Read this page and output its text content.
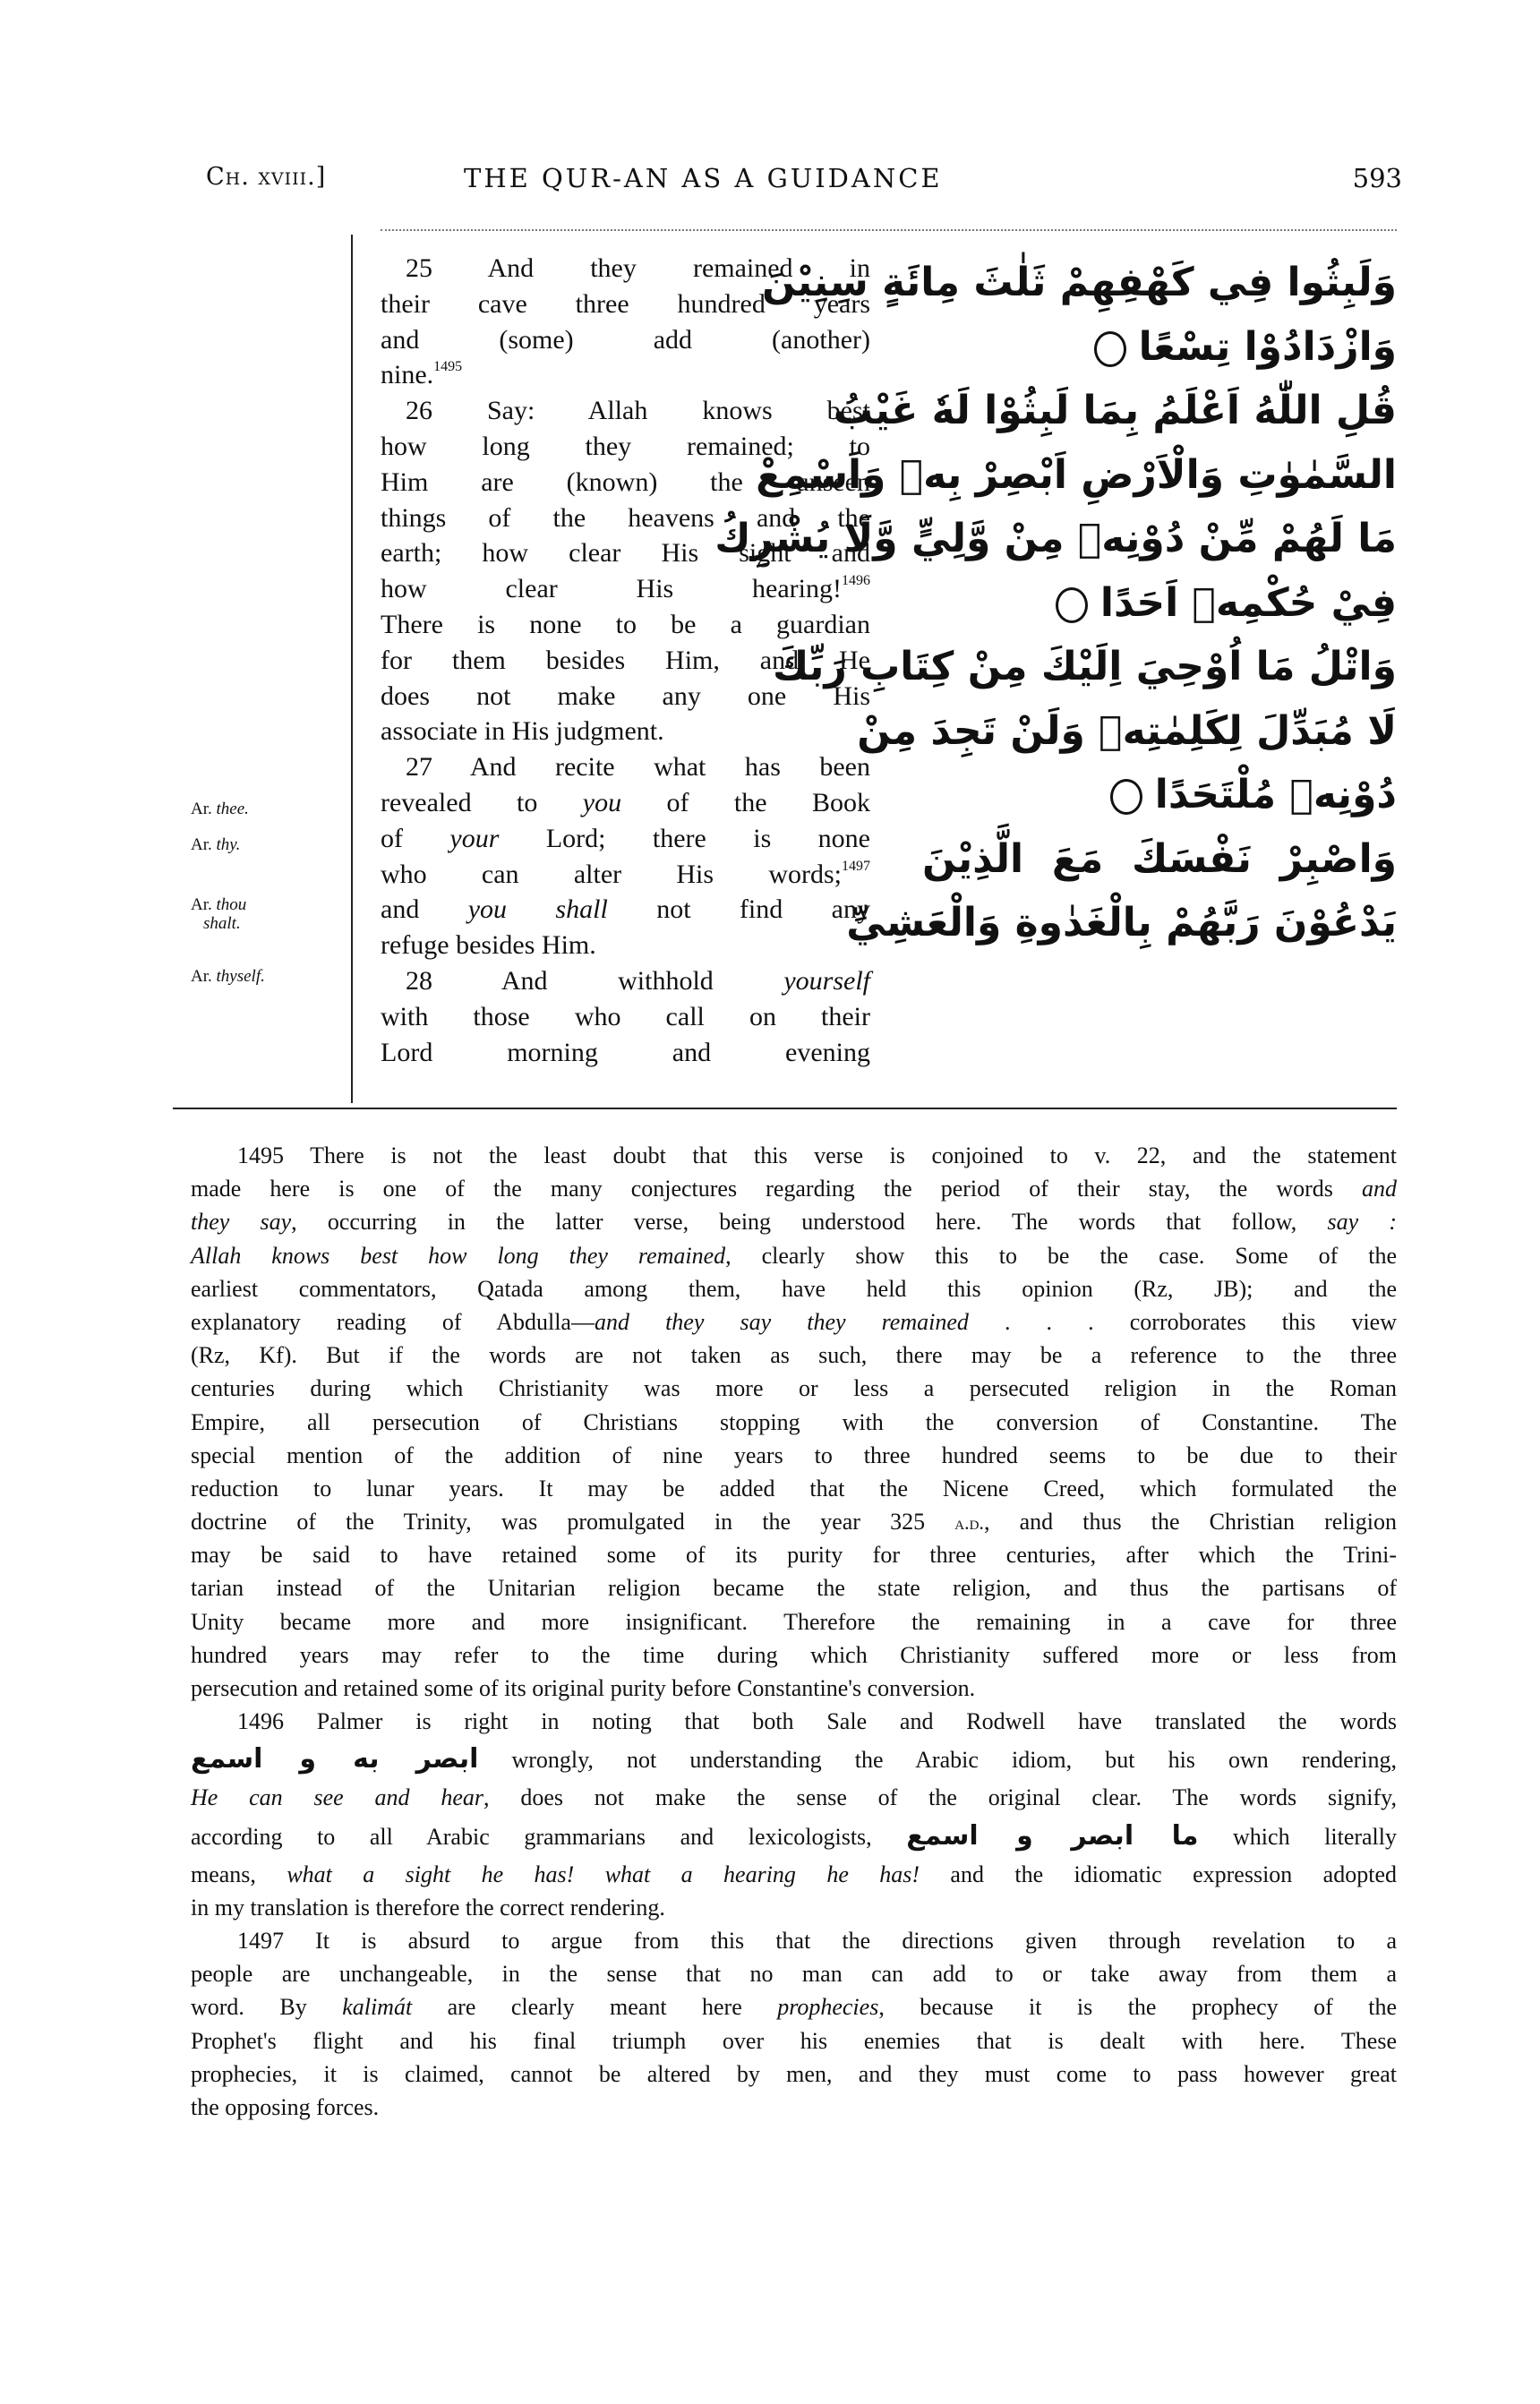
Ch. xviii.]	THE QUR-AN AS A GUIDANCE	593
Ar. thee.
Ar. thy.
Ar. thou
shalt.
Ar. thyself.
25 And they remained in
their cave three hundred years
and (some) add (another)
nine.$^{1495}$
26 Say: Allah knows best
how long they remained; to
Him are (known) the unseen
things of the heavens and the
earth; how clear His sight and
how clear His hearing!$^{1496}$
There is none to be a guardian
for them besides Him, and He
does not make any one His
associate in His judgment.
27 And recite what has been
revealed to you of the Book
of your Lord; there is none
who can alter His words;$^{1497}$
and you shall not find any
refuge besides Him.
28 And withhold yourself
with those who call on their
Lord morning and evening
وَلَبِثُوا فِي كَهْفِهِمْ ثَلٰثَ مِائَةٍ سِنِيْنَ
وَازْدَادُوْا تِسْعًا
قُلِ اللّٰهُ اَعْلَمُ بِمَا لَبِثُوْا لَهٗ غَيْبُ
السَّمٰوٰتِ وَالْاَرْضِ اَبْصِرْ بِهٖ وَاَسْمِعْ
مَا لَهُمْ مِّنْ دُوْنِهٖ مِنْ وَّلِيٍّ وَّلَا يُشْرِكُ
فِيْ حُكْمِهٖ اَحَدًا
وَاتْلُ مَا اُوْحِيَ اِلَيْكَ مِنْ كِتَابِ رَبِّكَ
لَا مُبَدِّلَ لِكَلِمٰتِهٖ وَلَنْ تَجِدَ مِنْ
دُوْنِهٖ مُلْتَحَدًا
وَاصْبِرْ نَفْسَكَ مَعَ الَّذِيْنَ
يَدْعُوْنَ رَبَّهُمْ بِالْغَدٰوةِ وَالْعَشِيِّ
1495 There is not the least doubt that this verse is conjoined to v. 22, and the statement
made here is one of the many conjectures regarding the period of their stay, the words and
they say, occurring in the latter verse, being understood here. The words that follow, say :
Allah knows best how long they remained, clearly show this to be the case. Some of the
earliest commentators, Qatada among them, have held this opinion (Rz, JB); and the
explanatory reading of Abdulla—and they say they remained . . . corroborates this view
(Rz, Kf). But if the words are not taken as such, there may be a reference to the three
centuries during which Christianity was more or less a persecuted religion in the Roman
Empire, all persecution of Christians stopping with the conversion of Constantine. The
special mention of the addition of nine years to three hundred seems to be due to their
reduction to lunar years. It may be added that the Nicene Creed, which formulated the
doctrine of the Trinity, was promulgated in the year 325 a.d., and thus the Christian religion
may be said to have retained some of its purity for three centuries, after which the Trini-
tarian instead of the Unitarian religion became the state religion, and thus the partisans of
Unity became more and more insignificant. Therefore the remaining in a cave for three
hundred years may refer to the time during which Christianity suffered more or less from
persecution and retained some of its original purity before Constantine's conversion.
1496 Palmer is right in noting that both Sale and Rodwell have translated the words
ابصر به و اسمع wrongly, not understanding the Arabic idiom, but his own rendering,
He can see and hear, does not make the sense of the original clear. The words signify,
according to all Arabic grammarians and lexicologists, ما ابصر و اسمع which literally
means, what a sight he has! what a hearing he has! and the idiomatic expression adopted
in my translation is therefore the correct rendering.
1497 It is absurd to argue from this that the directions given through revelation to a
people are unchangeable, in the sense that no man can add to or take away from them a
word. By kalimát are clearly meant here prophecies, because it is the prophecy of the
Prophet's flight and his final triumph over his enemies that is dealt with here. These
prophecies, it is claimed, cannot be altered by men, and they must come to pass however great
the opposing forces.
